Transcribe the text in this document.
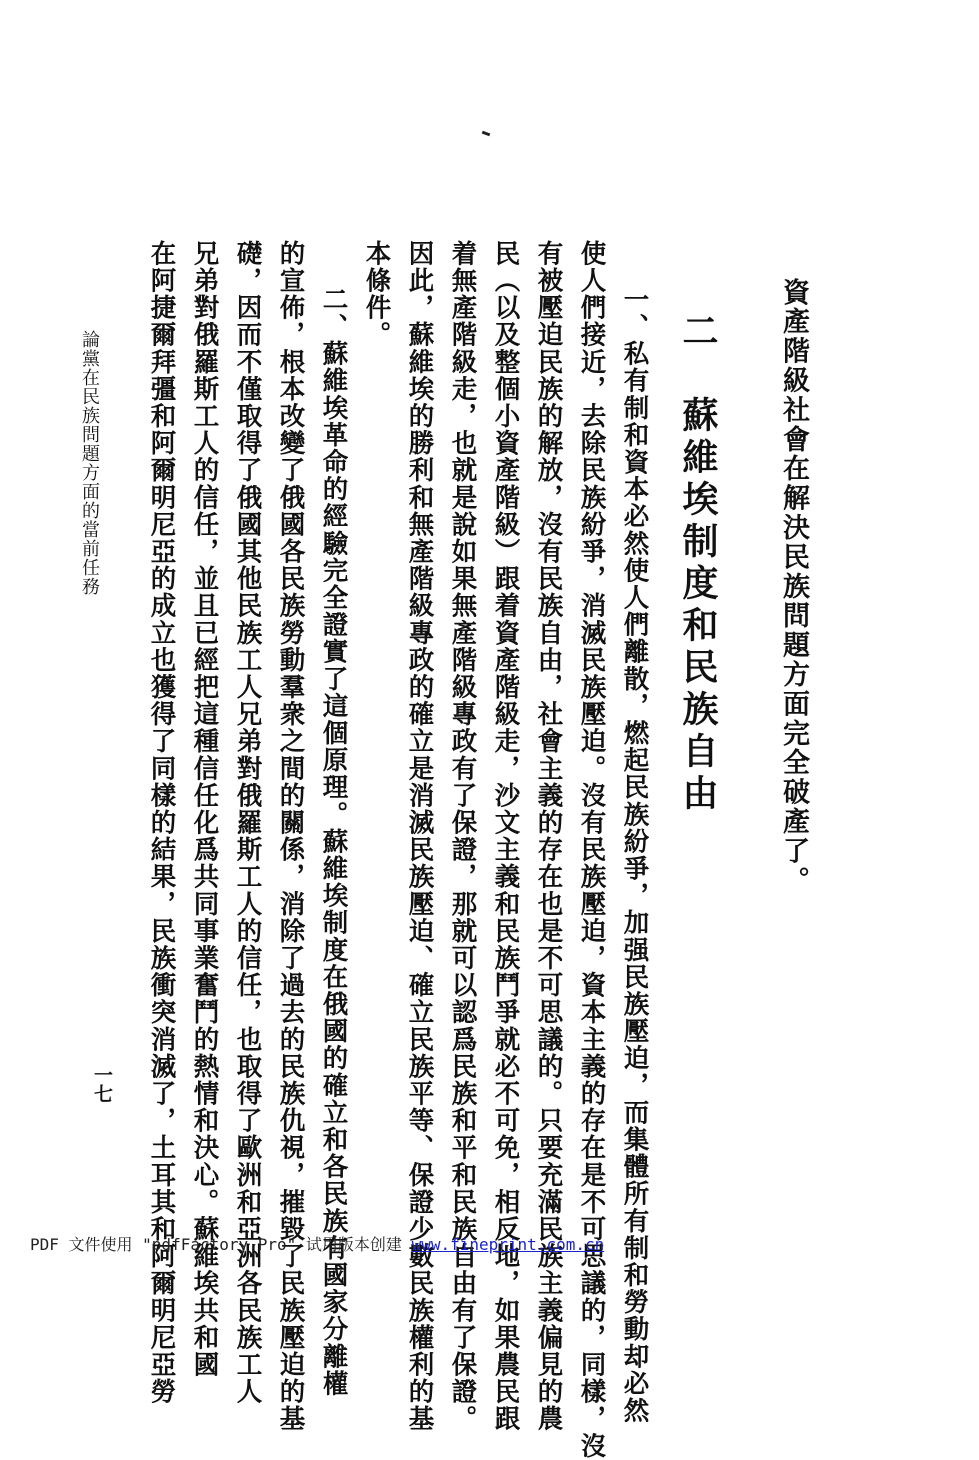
資產階級社會在解決民族問題方面完全破產了。
二　蘇維埃制度和民族自由
一、私有制和資本必然使人們離散，燃起民族紛爭，加强民族壓迫，而集體所有制和勞動却必然
使人們接近，去除民族紛爭，消滅民族壓迫。沒有民族壓迫，資本主義的存在是不可思議的，同樣，沒
有被壓迫民族的解放，沒有民族自由，社會主義的存在也是不可思議的。只要充滿民族主義偏見的農
民（以及整個小資產階級）跟着資產階級走，沙文主義和民族鬥爭就必不可免，相反地，如果農民跟
着無產階級走，也就是說如果無產階級專政有了保證，那就可以認爲民族和平和民族自由有了保證。
因此，蘇維埃的勝利和無產階級專政的確立是消滅民族壓迫、確立民族平等、保證少數民族權利的基
本條件。
二、蘇維埃革命的經驗完全證實了這個原理。蘇維埃制度在俄國的確立和各民族有國家分離權
的宣佈，根本改變了俄國各民族勞動羣衆之間的關係，消除了過去的民族仇視，摧毀了民族壓迫的基
礎，因而不僅取得了俄國其他民族工人兄弟對俄羅斯工人的信任，也取得了歐洲和亞洲各民族工人
兄弟對俄羅斯工人的信任，並且已經把這種信任化爲共同事業奮鬥的熱情和決心。蘇維埃共和國
在阿捷爾拜彊和阿爾明尼亞的成立也獲得了同樣的結果，民族衝突消滅了，土耳其和阿爾明尼亞勞
論黨在民族問題方面的當前任務
一七
PDF 文件使用 "pdfFactory Pro" 试用版本创建 www.fineprint.com.cn
